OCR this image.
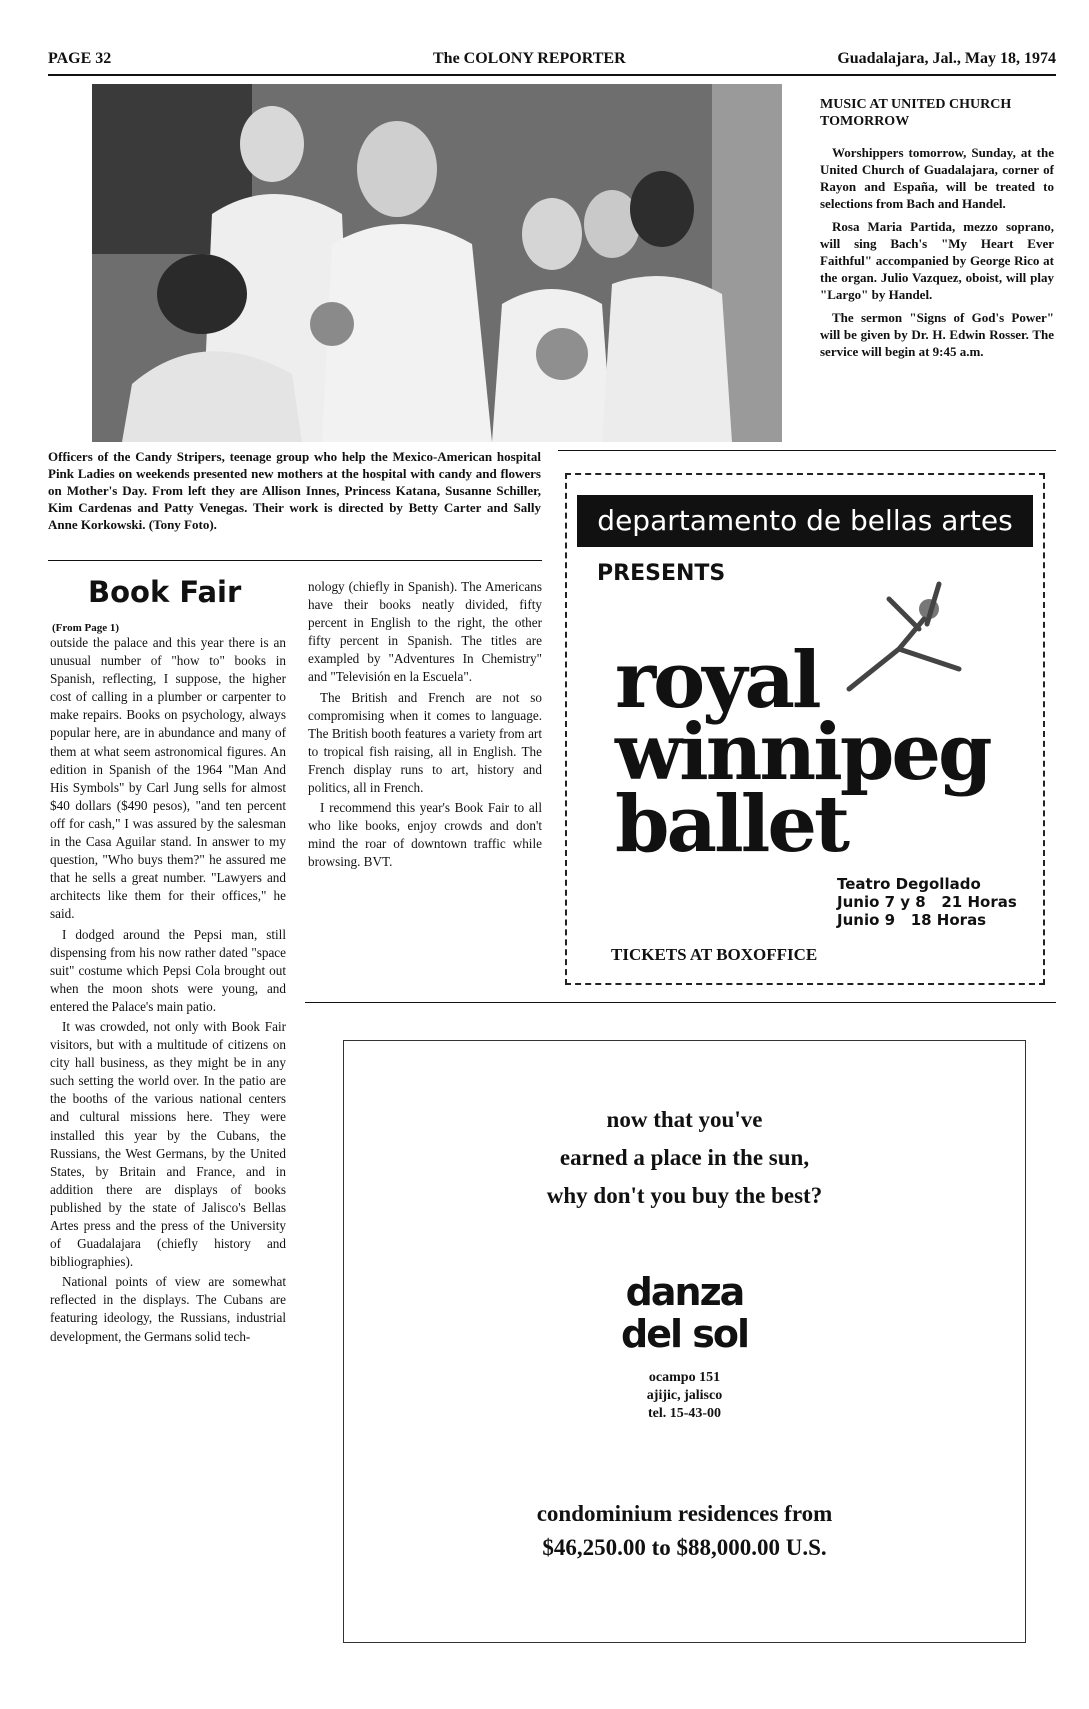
PAGE 32	The COLONY REPORTER	Guadalajara, Jal., May 18, 1974
Officers of the Candy Stripers, teenage group who help the Mexico-American hospital Pink Ladies on weekends presented new mothers at the hospital with candy and flowers on Mother's Day. From left they are Allison Innes, Princess Katana, Susanne Schiller, Kim Cardenas and Patty Venegas. Their work is directed by Betty Carter and Sally Anne Korkowski. (Tony Foto).
MUSIC AT UNITED CHURCH TOMORROW

Worshippers tomorrow, Sunday, at the United Church of Guadalajara, corner of Rayon and España, will be treated to selections from Bach and Handel.

Rosa Maria Partida, mezzo soprano, will sing Bach's "My Heart Ever Faithful" accompanied by George Rico at the organ. Julio Vazquez, oboist, will play "Largo" by Handel.

The sermon "Signs of God's Power" will be given by Dr. H. Edwin Rosser. The service will begin at 9:45 a.m.

Book Fair
(From Page 1)

outside the palace and this year there is an unusual number of "how to" books in Spanish, reflecting, I suppose, the higher cost of calling in a plumber or carpenter to make repairs. Books on psychology, always popular here, are in abundance and many of them at what seem astronomical figures. An edition in Spanish of the 1964 "Man And His Symbols" by Carl Jung sells for almost $40 dollars ($490 pesos), "and ten percent off for cash," I was assured by the salesman in the Casa Aguilar stand. In answer to my question, "Who buys them?" he assured me that he sells a great number. "Lawyers and architects like them for their offices," he said.

I dodged around the Pepsi man, still dispensing from his now rather dated "space suit" costume which Pepsi Cola brought out when the moon shots were young, and entered the Palace's main patio.

It was crowded, not only with Book Fair visitors, but with a multitude of citizens on city hall business, as they might be in any such setting the world over. In the patio are the booths of the various national centers and cultural missions here. They were installed this year by the Cubans, the Russians, the West Germans, by the United States, by Britain and France, and in addition there are displays of books published by the state of Jalisco's Bellas Artes press and the press of the University of Guadalajara (chiefly history and bibliographies).

National points of view are somewhat reflected in the displays. The Cubans are featuring ideology, the Russians, industrial development, the Germans solid tech-

nology (chiefly in Spanish). The Americans have their books neatly divided, fifty percent in English to the right, the other fifty percent in Spanish. The titles are exampled by "Adventures In Chemistry" and "Televisión en la Escuela".

The British and French are not so compromising when it comes to language. The British booth features a variety from art to tropical fish raising, all in English. The French display runs to art, history and politics, all in French.

I recommend this year's Book Fair to all who like books, enjoy crowds and don't mind the roar of downtown traffic while browsing. BVT.

departamento de bellas artes
PRESENTS
royal
winnipeg
ballet
Teatro Degollado
Junio 7 y 8   21 Horas
Junio 9   18 Horas
TICKETS AT BOXOFFICE
now that you've
earned a place in the sun,
why don't you buy the best?
danza
del sol
ocampo 151
ajijic, jalisco
tel. 15-43-00
condominium residences from
$46,250.00 to $88,000.00 U.S.
